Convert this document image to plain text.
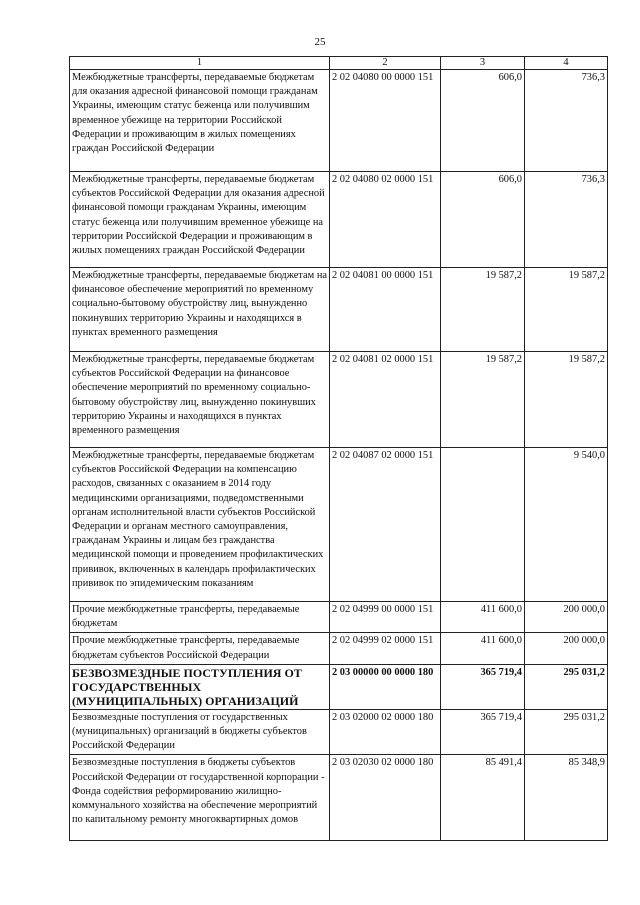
25
1	2	3	4
Межбюджетные трансферты, передаваемые бюджетам для оказания адресной финансовой помощи гражданам Украины, имеющим статус беженца или получившим временное убежище на территории Российской Федерации и проживающим в жилых помещениях граждан Российской Федерации	2 02 04080 00 0000 151	606,0	736,3
Межбюджетные трансферты, передаваемые бюджетам субъектов Российской Федерации для оказания адресной финансовой помощи гражданам Украины, имеющим статус беженца или получившим временное убежище на территории Российской Федерации и проживающим в жилых помещениях граждан Российской Федерации	2 02 04080 02 0000 151	606,0	736,3
Межбюджетные трансферты, передаваемые бюджетам на финансовое обеспечение мероприятий по временному социально-бытовому обустройству лиц, вынужденно покинувших территорию Украины и находящихся в пунктах временного размещения	2 02 04081 00 0000 151	19 587,2	19 587,2
Межбюджетные трансферты, передаваемые бюджетам субъектов Российской Федерации на финансовое обеспечение мероприятий по временному социально-бытовому обустройству лиц, вынужденно покинувших территорию Украины и находящихся в пунктах временного размещения	2 02 04081 02 0000 151	19 587,2	19 587,2
Межбюджетные трансферты, передаваемые бюджетам субъектов Российской Федерации на компенсацию расходов, связанных с оказанием в 2014 году медицинскими организациями, подведомственными органам исполнительной власти субъектов Российской Федерации и органам местного самоуправления, гражданам Украины и лицам без гражданства медицинской помощи и проведением профилактических прививок, включенных в календарь профилактических прививок по эпидемическим показаниям	2 02 04087 02 0000 151		9 540,0
Прочие межбюджетные трансферты, передаваемые бюджетам	2 02 04999 00 0000 151	411 600,0	200 000,0
Прочие межбюджетные трансферты, передаваемые бюджетам субъектов Российской Федерации	2 02 04999 02 0000 151	411 600,0	200 000,0
БЕЗВОЗМЕЗДНЫЕ ПОСТУПЛЕНИЯ ОТ ГОСУДАРСТВЕННЫХ (МУНИЦИПАЛЬНЫХ) ОРГАНИЗАЦИЙ	2 03 00000 00 0000 180	365 719,4	295 031,2
Безвозмездные поступления от государственных (муниципальных) организаций в бюджеты субъектов Российской Федерации	2 03 02000 02 0000 180	365 719,4	295 031,2
Безвозмездные поступления в бюджеты субъектов Российской Федерации от государственной корпорации - Фонда содействия реформированию жилищно-коммунального хозяйства на обеспечение мероприятий по капитальному ремонту многоквартирных домов	2 03 02030 02 0000 180	85 491,4	85 348,9
